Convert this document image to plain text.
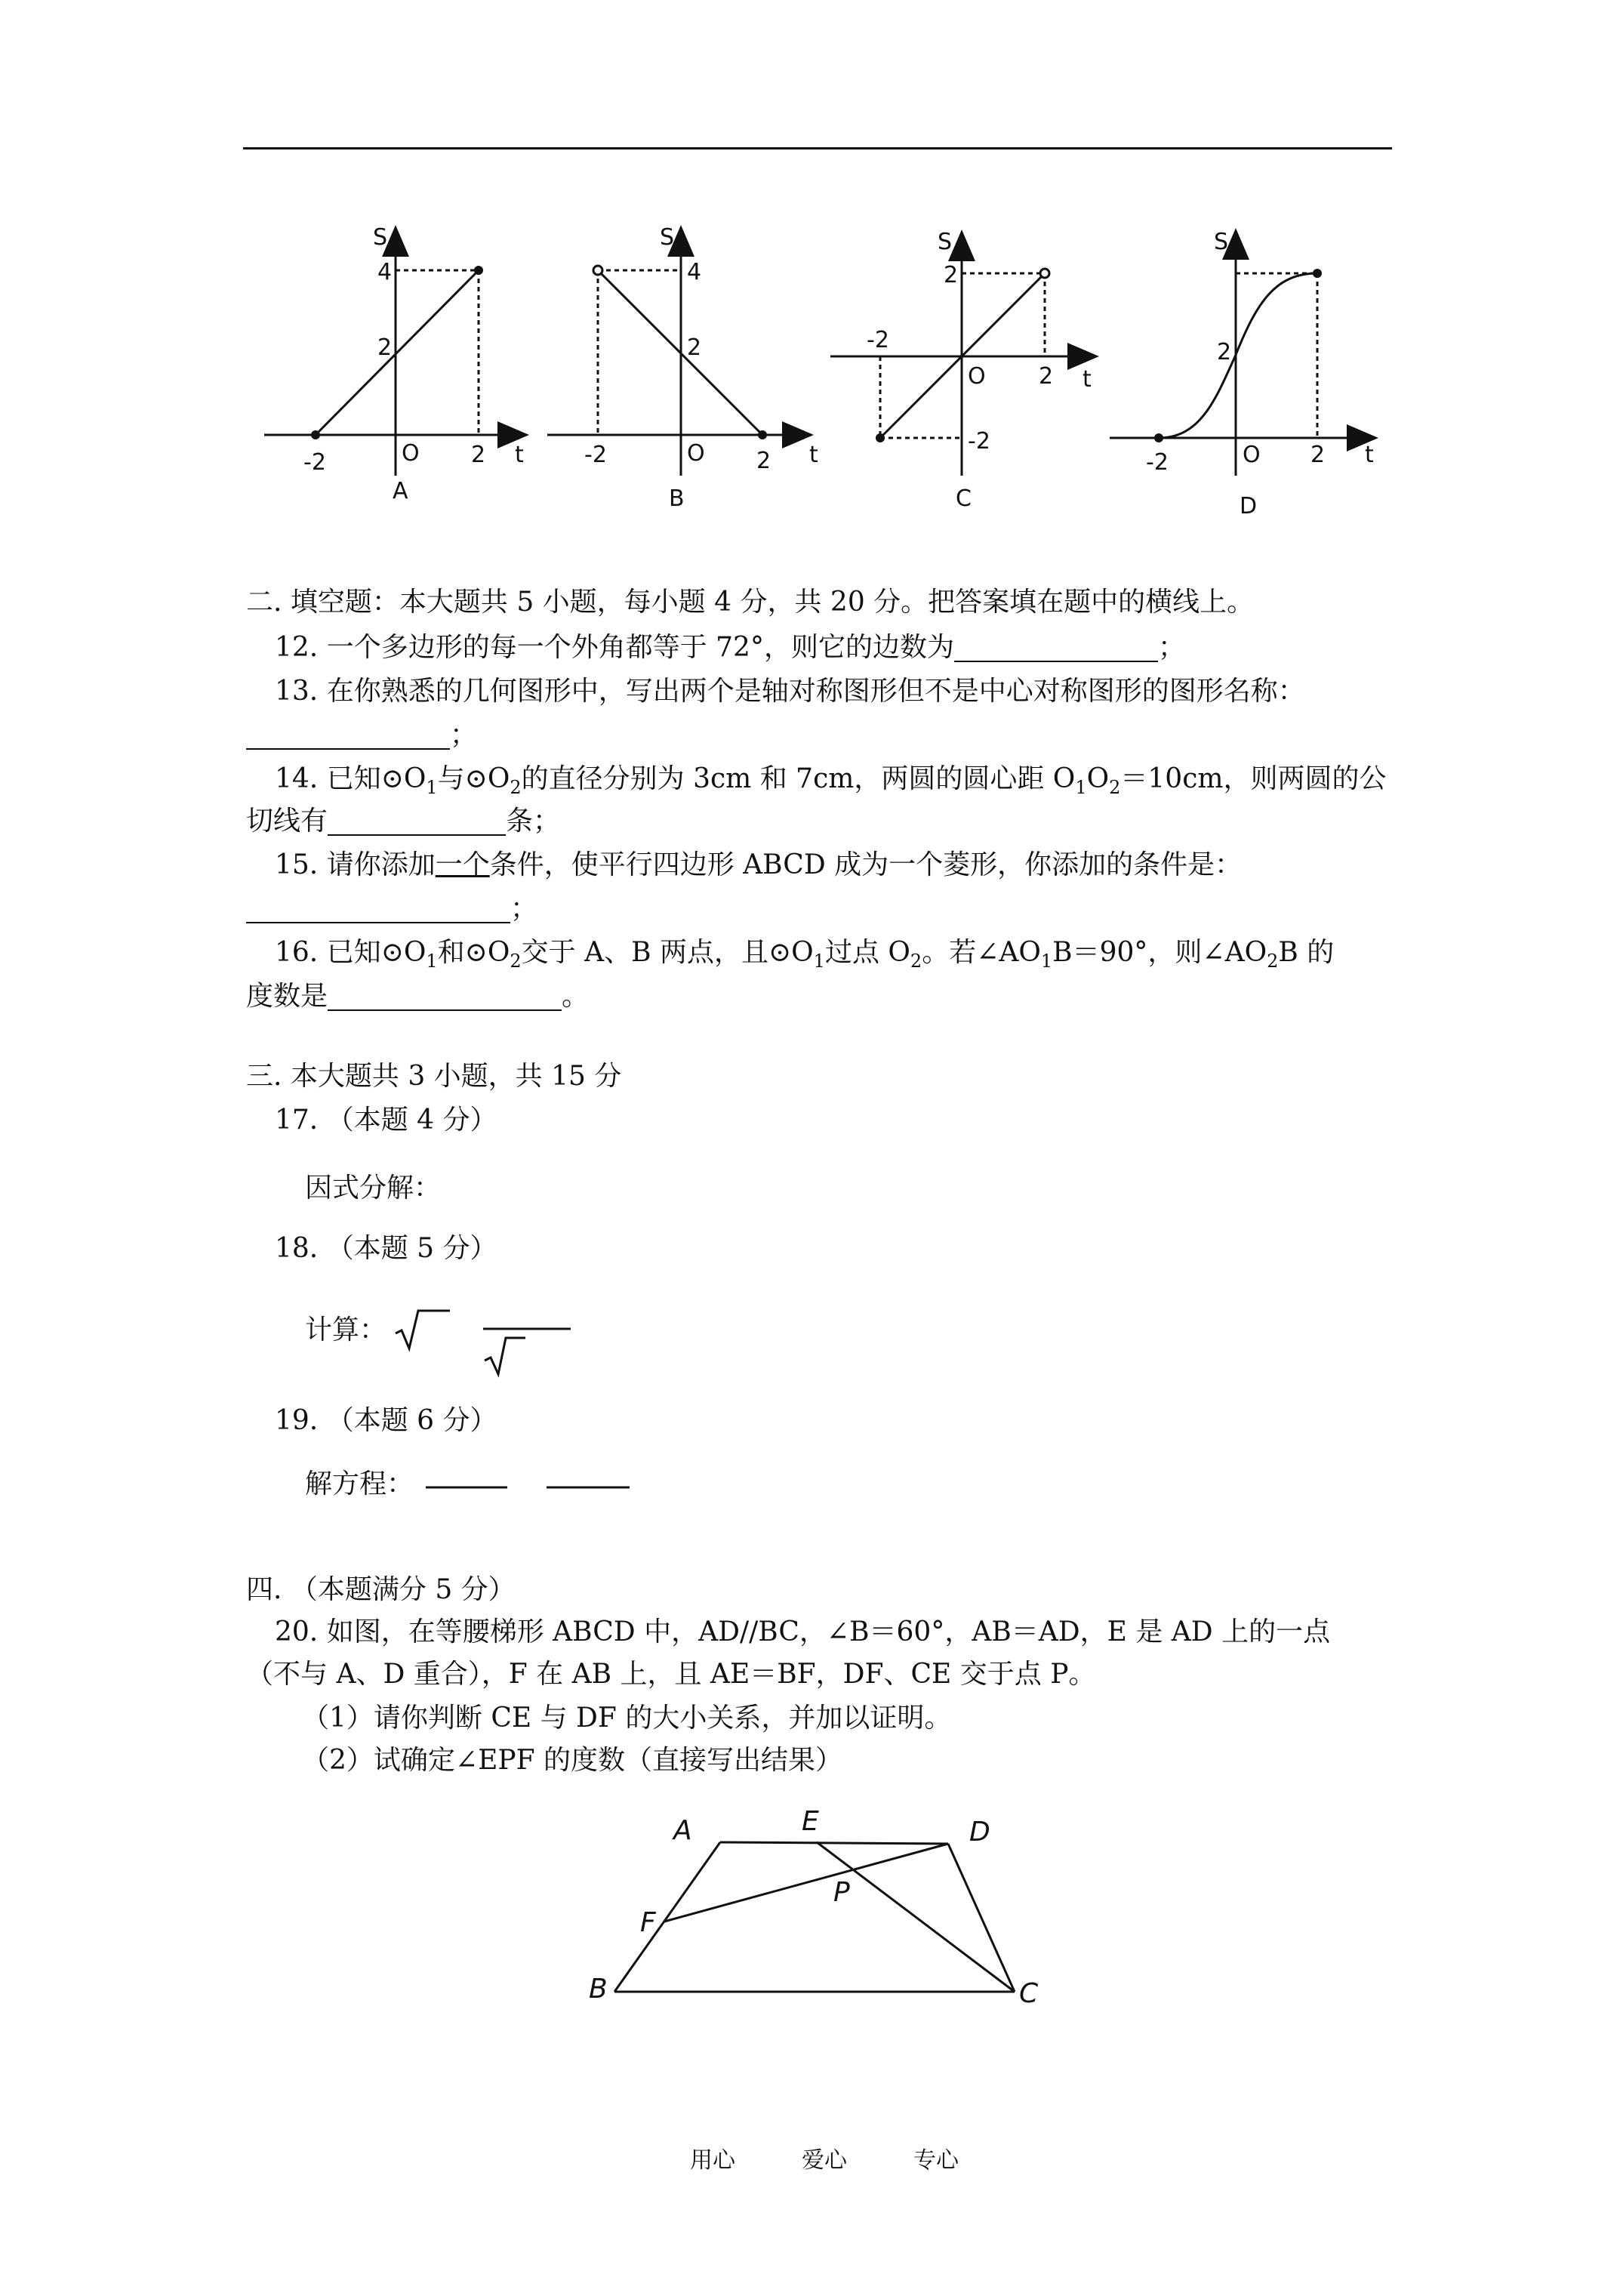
S
4
2
O
-2	2 t
S
4
2
O
-2	2 t
S
2
-2
O 2 t
-2
S
2
O
-2	2 t
A	B	C	D
二. 填空题：本大题共 5 小题，每小题 4 分，共 20 分。把答案填在题中的横线上。
12. 一个多边形的每一个外角都等于 72°，则它的边数为	；
13. 在你熟悉的几何图形中，写出两个是轴对称图形但不是中心对称图形的图形名称：
；
14. 已知$⊙O_1$与$⊙O_2$的直径分别为 3cm 和 7cm，两圆的圆心距 $O_1O_2=10cm$，则两圆的公
切线有	条；
15. 请你添加一个条件，使平行四边形 ABCD 成为一个菱形，你添加的条件是：
；
16. 已知$⊙O_1$和$⊙O_2$交于 A、B 两点，且$⊙O_1$过点 $O_2$。若$\angle AO_1B=90^\circ$，则$\angle AO_2B$ 的
度数是	。
三. 本大题共 3 小题，共 15 分
17. （本题 4 分）
因式分解：
18. （本题 5 分）
计算：
19. （本题 6 分）
解方程：
四. （本题满分 5 分）
20. 如图，在等腰梯形 ABCD 中，AD//BC，∠B＝60°，AB＝AD，E 是 AD 上的一点
（不与 A、D 重合），F 在 AB 上，且 AE＝BF，DF、CE 交于点 P。
（1）请你判断 CE 与 DF 的大小关系，并加以证明。
（2）试确定∠EPF 的度数（直接写出结果）
A	E	D
P
F
B	C
用心	爱心	专心
